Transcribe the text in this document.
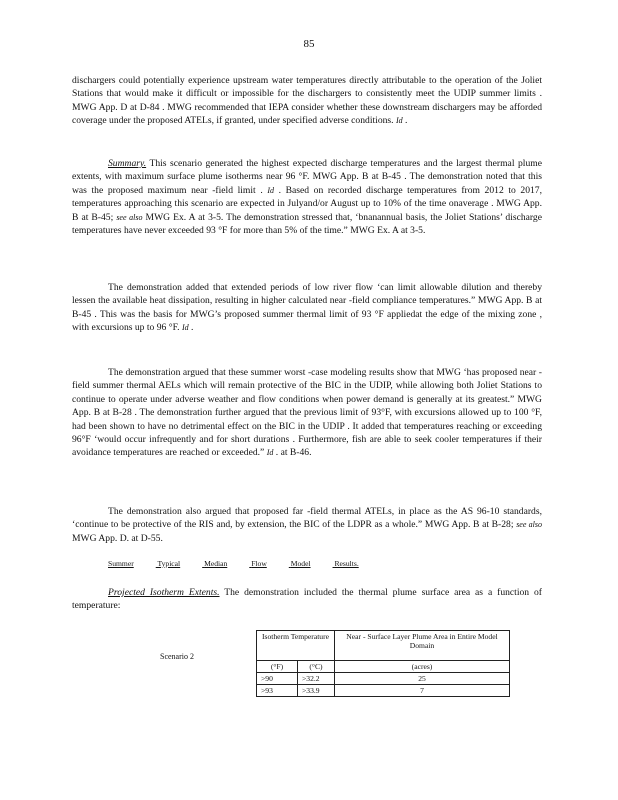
85
dischargers could potentially experience upstream water temperatures directly attributable to the operation of the Joliet Stations that would make it difficult or impossible for the dischargers to consistently meet the UDIP summer limits . MWG App. D at D-84 . MWG recommended that IEPA consider whether these downstream dischargers may be afforded coverage under the proposed ATELs, if granted, under specified adverse conditions. Id .
Summary. This scenario generated the highest expected discharge temperatures and the largest thermal plume extents, with maximum surface plume isotherms near 96 °F. MWG App. B at B-45 . The demonstration noted that this was the proposed maximum near -field limit . Id . Based on recorded discharge temperatures from 2012 to 2017, temperatures approaching this scenario are expected in Julyand/or August up to 10% of the time onaverage . MWG App. B at B-45; see also MWG Ex. A at 3-5. The demonstration stressed that, ‘bnanannual basis, the Joliet Stations’ discharge temperatures have never exceeded 93 °F for more than 5% of the time.” MWG Ex. A at 3-5.
The demonstration added that extended periods of low river flow ‘can limit allowable dilution and thereby lessen the available heat dissipation, resulting in higher calculated near -field compliance temperatures.” MWG App. B at B-45 . This was the basis for MWG’s proposed summer thermal limit of 93 °F appliedat the edge of the mixing zone , with excursions up to 96 °F. Id .
The demonstration argued that these summer worst -case modeling results show that MWG ‘has proposed near -field summer thermal AELs which will remain protective of the BIC in the UDIP, while allowing both Joliet Stations to continue to operate under adverse weather and flow conditions when power demand is generally at its greatest.” MWG App. B at B-28 . The demonstration further argued that the previous limit of 93°F, with excursions allowed up to 100 °F, had been shown to have no detrimental effect on the BIC in the UDIP . It added that temperatures reaching or exceeding 96°F ‘would occur infrequently and for short durations . Furthermore, fish are able to seek cooler temperatures if their avoidance temperatures are reached or exceeded.” Id . at B-46.
The demonstration also argued that proposed far -field thermal ATELs, in place as the AS 96-10 standards, ‘continue to be protective of the RIS and, by extension, the BIC of the LDPR as a whole.” MWG App. B at B-28; see also MWG App. D. at D-55.
Summer	Typical	Median	Flow	Model	Results.
Projected Isotherm Extents. The demonstration included the thermal plume surface area as a function of temperature:
Scenario 2
Isotherm Temperature		Near - Surface Layer Plume Area in Entire Model Domain
(°F)	(°C)	(acres)
>90	>32.2	25
>93	>33.9	7
